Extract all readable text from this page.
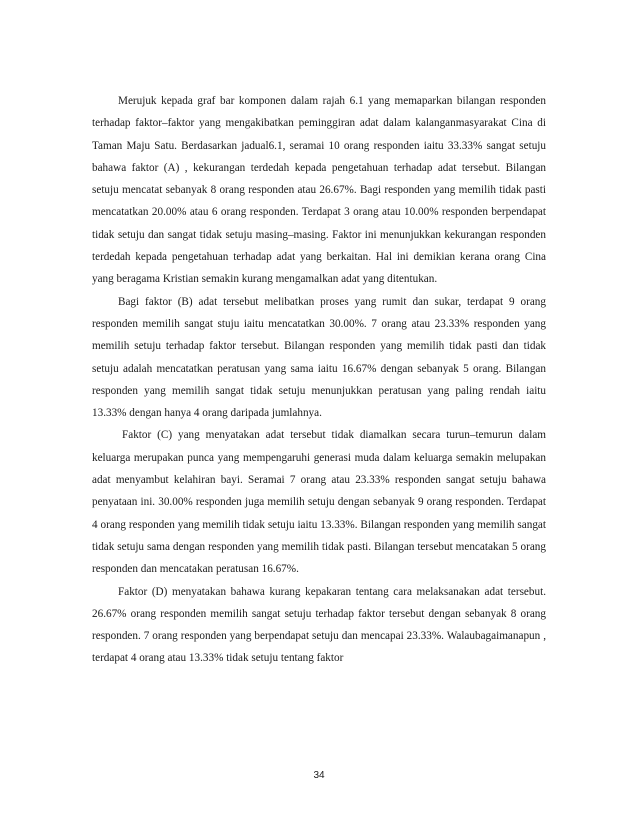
Merujuk kepada graf bar komponen dalam rajah 6.1 yang memaparkan bilangan responden terhadap faktor–faktor yang mengakibatkan peminggiran adat dalam kalanganmasyarakat Cina di Taman Maju Satu. Berdasarkan jadual6.1, seramai 10 orang responden iaitu 33.33% sangat setuju bahawa faktor (A) , kekurangan terdedah kepada pengetahuan terhadap adat tersebut. Bilangan setuju mencatat sebanyak 8 orang responden atau 26.67%. Bagi responden yang memilih tidak pasti mencatatkan 20.00% atau 6 orang responden. Terdapat 3 orang atau 10.00% responden berpendapat tidak setuju dan sangat tidak setuju masing–masing. Faktor ini menunjukkan kekurangan responden terdedah kepada pengetahuan terhadap adat yang berkaitan. Hal ini demikian kerana orang Cina yang beragama Kristian semakin kurang mengamalkan adat yang ditentukan.

Bagi faktor (B) adat tersebut melibatkan proses yang rumit dan sukar, terdapat 9 orang responden memilih sangat stuju iaitu mencatatkan 30.00%. 7 orang atau 23.33% responden yang memilih setuju terhadap faktor tersebut. Bilangan responden yang memilih tidak pasti dan tidak setuju adalah mencatatkan peratusan yang sama iaitu 16.67% dengan sebanyak 5 orang. Bilangan responden yang memilih sangat tidak setuju menunjukkan peratusan yang paling rendah iaitu 13.33% dengan hanya 4 orang daripada jumlahnya.

Faktor (C) yang menyatakan adat tersebut tidak diamalkan secara turun–temurun dalam keluarga merupakan punca yang mempengaruhi generasi muda dalam keluarga semakin melupakan adat menyambut kelahiran bayi. Seramai 7 orang atau 23.33% responden sangat setuju bahawa penyataan ini. 30.00% responden juga memilih setuju dengan sebanyak 9 orang responden. Terdapat 4 orang responden yang memilih tidak setuju iaitu 13.33%. Bilangan responden yang memilih sangat tidak setuju sama dengan responden yang memilih tidak pasti. Bilangan tersebut mencatakan 5 orang responden dan mencatakan peratusan 16.67%.

Faktor (D) menyatakan bahawa kurang kepakaran tentang cara melaksanakan adat tersebut. 26.67% orang responden memilih sangat setuju terhadap faktor tersebut dengan sebanyak 8 orang responden. 7 orang responden yang berpendapat setuju dan mencapai 23.33%. Walaubagaimanapun , terdapat 4 orang atau 13.33% tidak setuju tentang faktor

34
